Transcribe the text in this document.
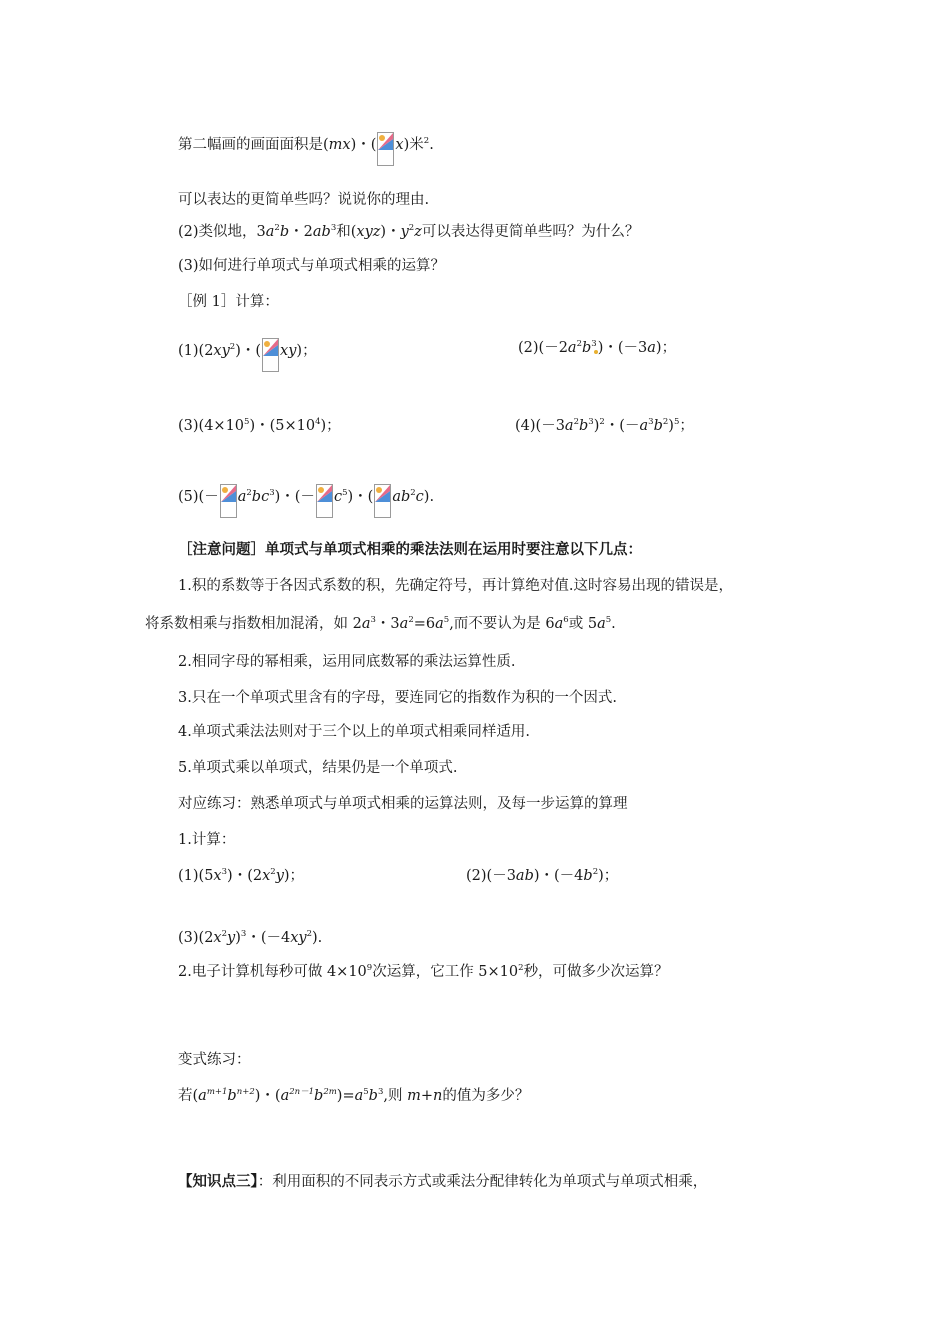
第二幅画的画面面积是(mx)・( x)米$^2$.
可以表达的更简单些吗？说说你的理由.
(2)类似地，$3a^2b$・$2ab^3$和(xyz)・$y^2z$可以表达得更简单些吗？为什么？
(3)如何进行单项式与单项式相乘的运算？
［例 1］计算：
$(1)(2xy^2)$・( xy)；	$(2)(-2a^2b^3)$・(－3a)；
$(3)(4\times 10^5)$・$(5\times 10^4)$；	$(4)(-3a^2b^3)^2$・$(-a^3b^2)^5$；
$(5)(- a^2bc^3)$・(－ $c^5$)・( $ab^2c$).
［注意问题］单项式与单项式相乘的乘法法则在运用时要注意以下几点：
1.积的系数等于各因式系数的积，先确定符号，再计算绝对值.这时容易出现的错误是，
将系数相乘与指数相加混淆，如 $2a^3$・$3a^2=6a^5$,而不要认为是 $6a^6$或 $5a^5$.
2.相同字母的幂相乘，运用同底数幂的乘法运算性质.
3.只在一个单项式里含有的字母，要连同它的指数作为积的一个因式.
4.单项式乘法法则对于三个以上的单项式相乘同样适用.
5.单项式乘以单项式，结果仍是一个单项式.
对应练习：熟悉单项式与单项式相乘的运算法则，及每一步运算的算理
1.计算：
$(1)(5x^3)$・$(2x^2y)$；	(2)(－3ab)・$(-4b^2)$；
$(3)(2x^2y)^3$・$(-4xy^2)$.
2.电子计算机每秒可做 $4\times 10^9$次运算，它工作 $5\times 10^2$秒，可做多少次运算？
变式练习：
若$(a^{m+1}b^{n+2})$・$(a^{2n-1}b^{2m})=a^5b^3$,则 m+n的值为多少？
【知识点三】：利用面积的不同表示方式或乘法分配律转化为单项式与单项式相乘，
